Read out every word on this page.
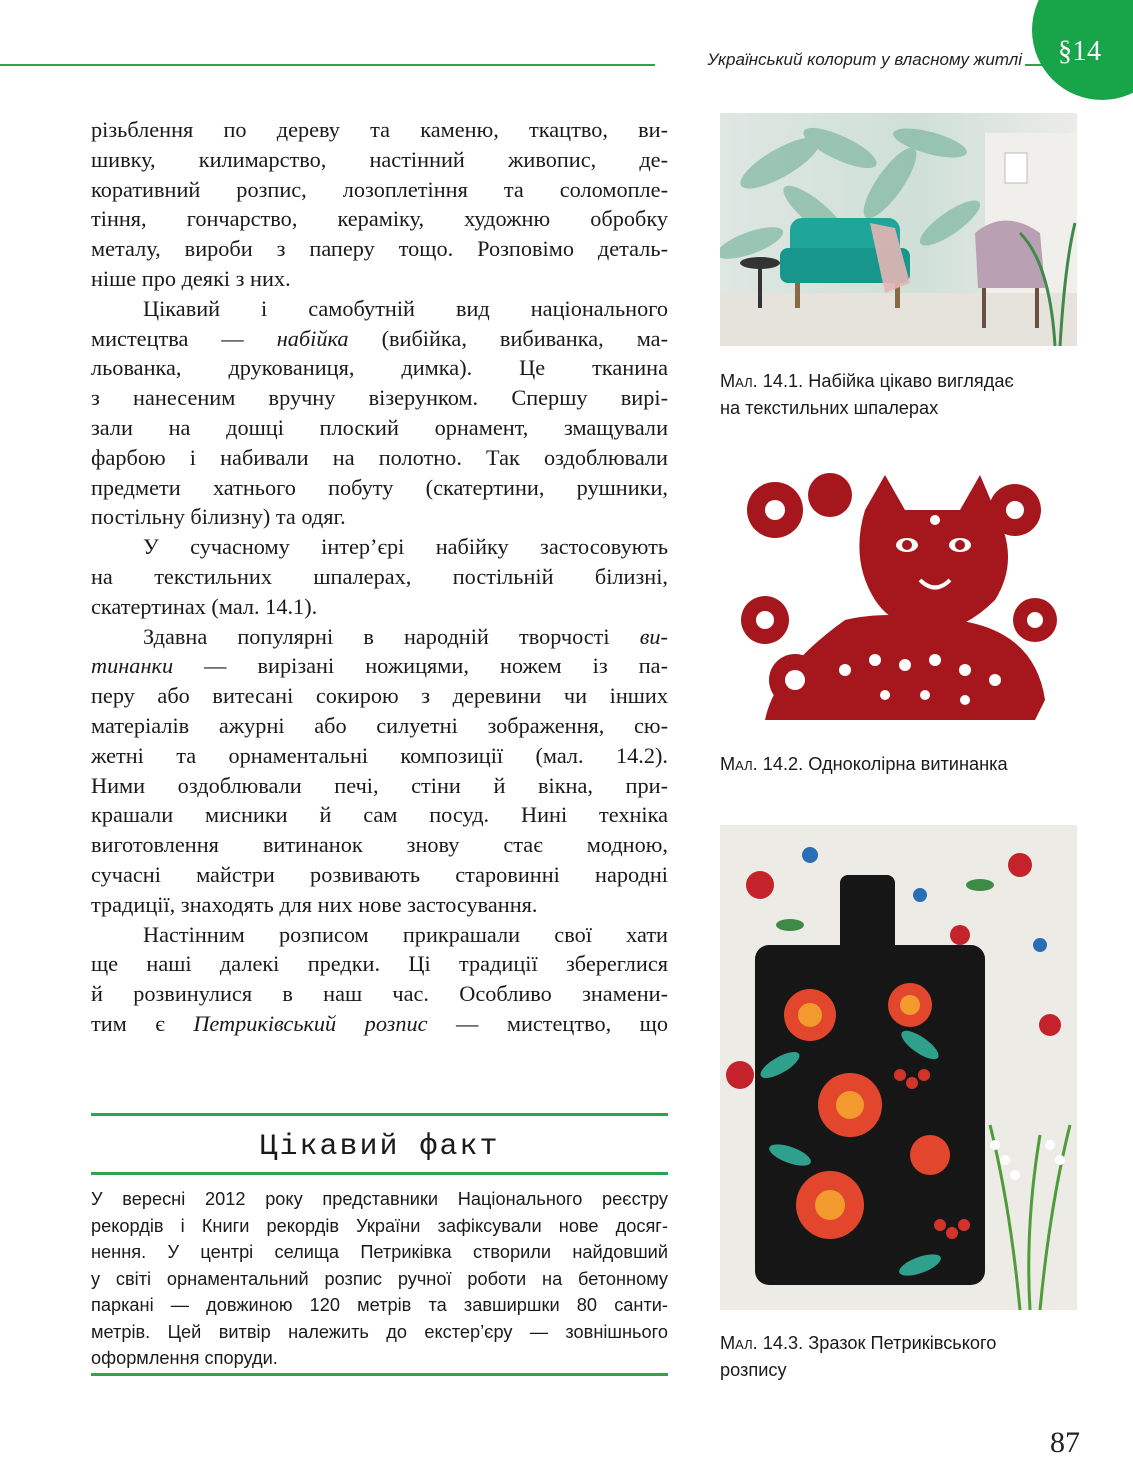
Український колорит у власному житлі §14

різьблення по дереву та каменю, ткацтво, ви-
шивку, килимарство, настінний живопис, де-
коративний розпис, лозоплетіння та соломопле-
тіння, гончарство, кераміку, художню обробку
металу, вироби з паперу тощо. Розповімо деталь-
ніше про деякі з них.

Цікавий і самобутній вид національного
мистецтва — набійка (вибійка, вибиванка, ма-
льованка, друкованиця, димка). Це тканина
з нанесеним вручну візерунком. Спершу вирі-
зали на дошці плоский орнамент, змащували
фарбою і набивали на полотно. Так оздоблювали
предмети хатнього побуту (скатертини, рушники,
постільну білизну) та одяг.

У сучасному інтер’єрі набійку застосовують
на текстильних шпалерах, постільній білизні,
скатертинах (мал. 14.1).

Здавна популярні в народній творчості ви-
тинанки — вирізані ножицями, ножем із па-
перу або витесані сокирою з деревини чи інших
матеріалів ажурні або силуетні зображення, сю-
жетні та орнаментальні композиції (мал. 14.2).
Ними оздоблювали печі, стіни й вікна, при-
крашали мисники й сам посуд. Нині техніка
виготовлення витинанок знову стає модною,
сучасні майстри розвивають старовинні народні
традиції, знаходять для них нове застосування.

Настінним розписом прикрашали свої хати
ще наші далекі предки. Ці традиції збереглися
й розвинулися в наш час. Особливо знамени-
тим є Петриківський розпис — мистецтво, що

Цікавий факт
У вересні 2012 року представники Національного реєстру
рекордів і Книги рекордів України зафіксували нове досяг-
нення. У центрі селища Петриківка створили найдовший
у світі орнаментальний розпис ручної роботи на бетонному
паркані — довжиною 120 метрів та завширшки 80 санти-
метрів. Цей витвір належить до екстер’єру — зовнішнього
оформлення споруди.
Мал. 14.1. Набійка цікаво виглядає
на текстильних шпалерах
Мал. 14.2. Одноколірна витинанка
Мал. 14.3. Зразок Петриківського
розпису
87
